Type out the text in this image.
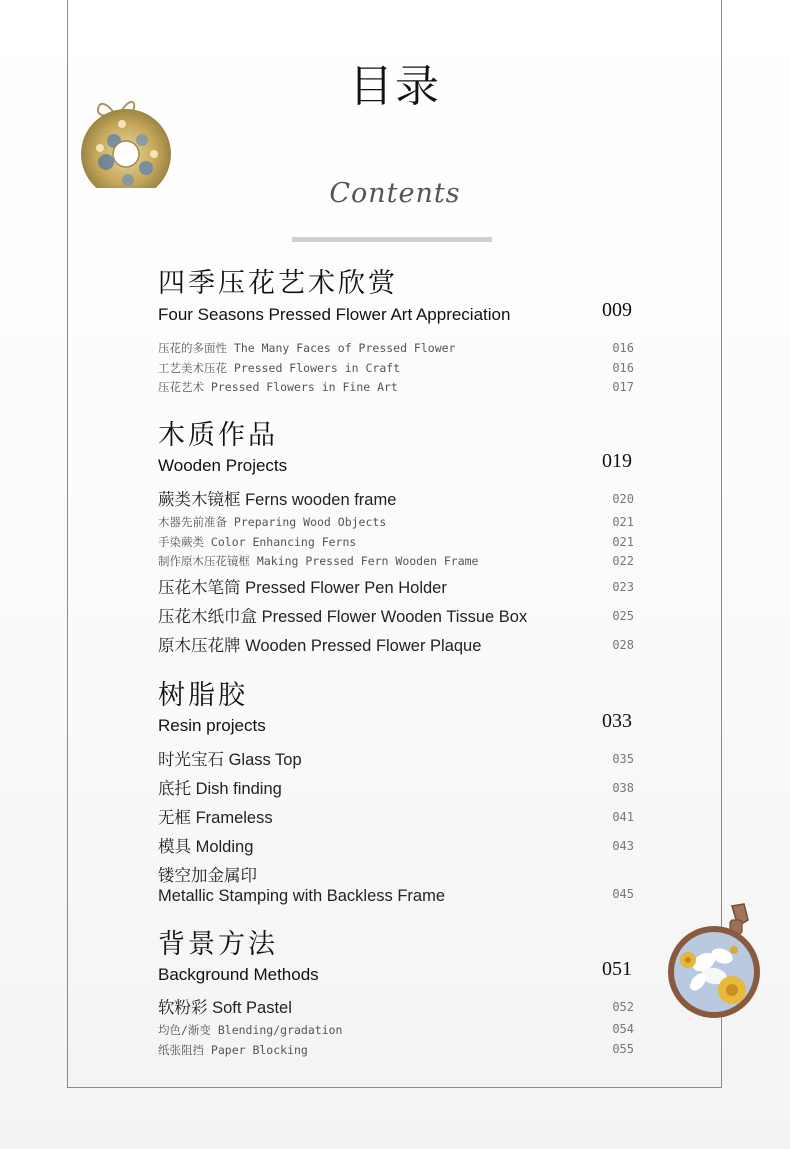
目录
Contents
四季压花艺术欣赏
Four Seasons Pressed Flower Art Appreciation	009
压花的多面性 The Many Faces of Pressed Flower	016
工艺美术压花 Pressed Flowers in Craft	016
压花艺术 Pressed Flowers in Fine Art	017
木质作品
Wooden Projects	019
蕨类木镜框 Ferns wooden frame	020
木器先前准备 Preparing Wood Objects	021
手染蕨类 Color Enhancing Ferns	021
制作原木压花镜框 Making Pressed Fern Wooden Frame	022
压花木笔筒 Pressed Flower Pen Holder	023
压花木纸巾盒 Pressed Flower Wooden Tissue Box	025
原木压花牌 Wooden Pressed Flower Plaque	028
树脂胶
Resin projects	033
时光宝石 Glass Top	035
底托 Dish finding	038
无框 Frameless	041
模具 Molding	043
镂空加金属印
Metallic Stamping with Backless Frame	045
背景方法
Background Methods	051
软粉彩 Soft Pastel	052
均色/渐变 Blending/gradation	054
纸张阻挡 Paper Blocking	055
